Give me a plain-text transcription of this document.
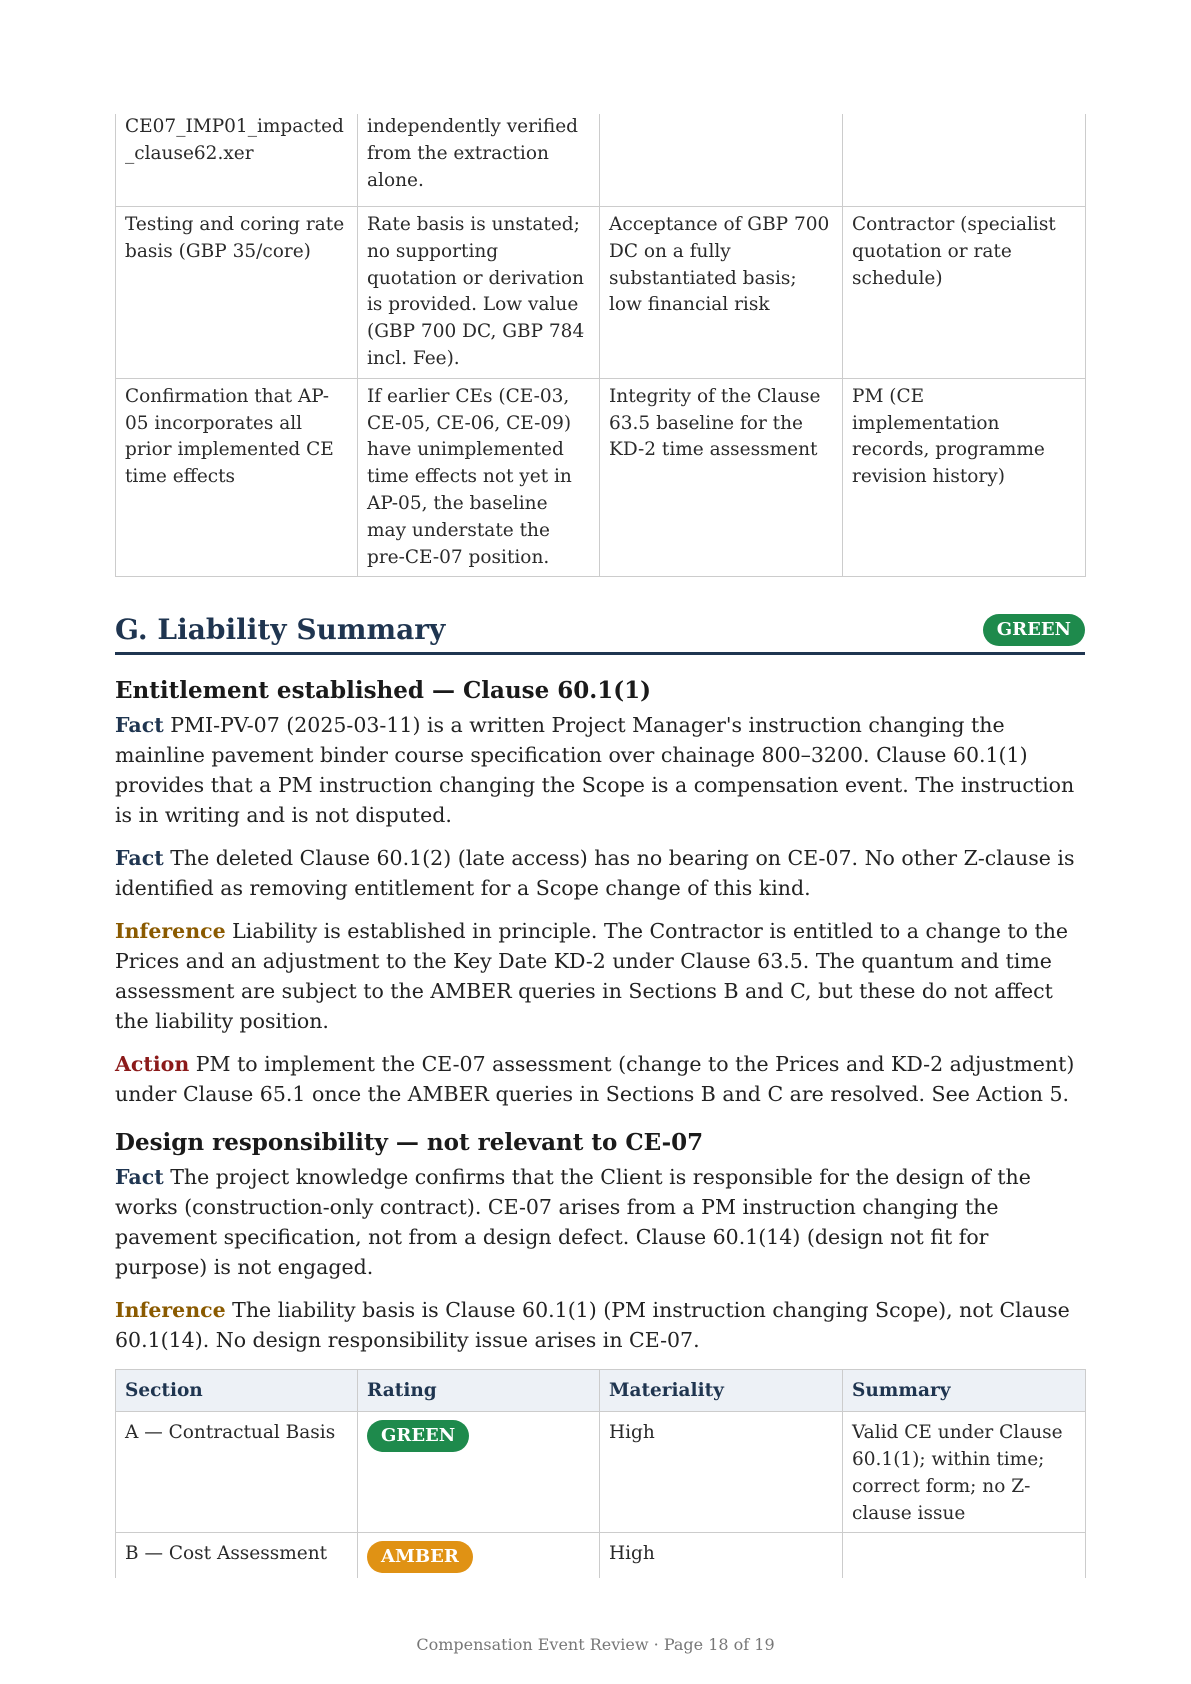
CE07_IMP01_impacted _clause62.xer	independently verified from the extraction alone.		
Testing and coring rate basis (GBP 35/core)	Rate basis is unstated; no supporting quotation or derivation is provided. Low value (GBP 700 DC, GBP 784 incl. Fee).	Acceptance of GBP 700 DC on a fully substantiated basis; low financial risk	Contractor (specialist quotation or rate schedule)
Confirmation that AP-05 incorporates all prior implemented CE time effects	If earlier CEs (CE-03, CE-05, CE-06, CE-09) have unimplemented time effects not yet in AP-05, the baseline may understate the pre-CE-07 position.	Integrity of the Clause 63.5 baseline for the KD-2 time assessment	PM (CE implementation records, programme revision history)
G. Liability Summary	GREEN
Entitlement established — Clause 60.1(1)

Fact PMI-PV-07 (2025-03-11) is a written Project Manager's instruction changing the mainline pavement binder course specification over chainage 800–3200. Clause 60.1(1) provides that a PM instruction changing the Scope is a compensation event. The instruction is in writing and is not disputed.

Fact The deleted Clause 60.1(2) (late access) has no bearing on CE-07. No other Z-clause is identified as removing entitlement for a Scope change of this kind.

Inference Liability is established in principle. The Contractor is entitled to a change to the Prices and an adjustment to the Key Date KD-2 under Clause 63.5. The quantum and time assessment are subject to the AMBER queries in Sections B and C, but these do not affect the liability position.

Action PM to implement the CE-07 assessment (change to the Prices and KD-2 adjustment) under Clause 65.1 once the AMBER queries in Sections B and C are resolved. See Action 5.

Design responsibility — not relevant to CE-07

Fact The project knowledge confirms that the Client is responsible for the design of the works (construction-only contract). CE-07 arises from a PM instruction changing the pavement specification, not from a design defect. Clause 60.1(14) (design not fit for purpose) is not engaged.

Inference The liability basis is Clause 60.1(1) (PM instruction changing Scope), not Clause 60.1(14). No design responsibility issue arises in CE-07.

Section	Rating	Materiality	Summary
A — Contractual Basis	GREEN	High	Valid CE under Clause 60.1(1); within time; correct form; no Z-clause issue
B — Cost Assessment	AMBER	High	
Compensation Event Review · Page 18 of 19
